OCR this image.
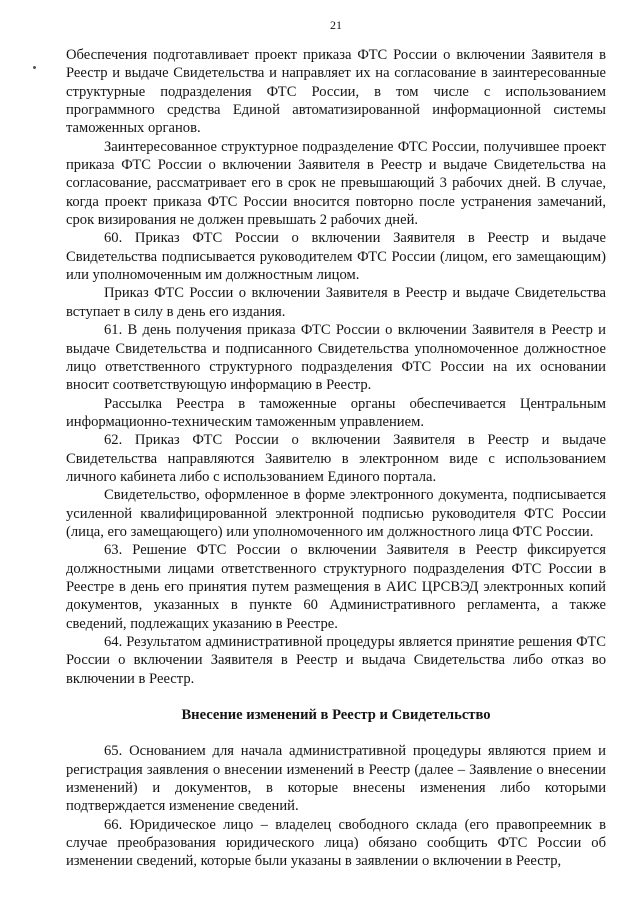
21

Обеспечения подготавливает проект приказа ФТС России о включении Заявителя в Реестр и выдаче Свидетельства и направляет их на согласование в заинтересованные структурные подразделения ФТС России, в том числе с использованием программного средства Единой автоматизированной информационной системы таможенных органов.

Заинтересованное структурное подразделение ФТС России, получившее проект приказа ФТС России о включении Заявителя в Реестр и выдаче Свидетельства на согласование, рассматривает его в срок не превышающий 3 рабочих дней. В случае, когда проект приказа ФТС России вносится повторно после устранения замечаний, срок визирования не должен превышать 2 рабочих дней.

60. Приказ ФТС России о включении Заявителя в Реестр и выдаче Свидетельства подписывается руководителем ФТС России (лицом, его замещающим) или уполномоченным им должностным лицом.

Приказ ФТС России о включении Заявителя в Реестр и выдаче Свидетельства вступает в силу в день его издания.

61. В день получения приказа ФТС России о включении Заявителя в Реестр и выдаче Свидетельства и подписанного Свидетельства уполномоченное должностное лицо ответственного структурного подразделения ФТС России на их основании вносит соответствующую информацию в Реестр.

Рассылка Реестра в таможенные органы обеспечивается Центральным информационно-техническим таможенным управлением.

62. Приказ ФТС России о включении Заявителя в Реестр и выдаче Свидетельства направляются Заявителю в электронном виде с использованием личного кабинета либо с использованием Единого портала.

Свидетельство, оформленное в форме электронного документа, подписывается усиленной квалифицированной электронной подписью руководителя ФТС России (лица, его замещающего) или уполномоченного им должностного лица ФТС России.

63. Решение ФТС России о включении Заявителя в Реестр фиксируется должностными лицами ответственного структурного подразделения ФТС России в Реестре в день его принятия путем размещения в АИС ЦРСВЭД электронных копий документов, указанных в пункте 60 Административного регламента, а также сведений, подлежащих указанию в Реестре.

64. Результатом административной процедуры является принятие решения ФТС России о включении Заявителя в Реестр и выдача Свидетельства либо отказ во включении в Реестр.

Внесение изменений в Реестр и Свидетельство

65. Основанием для начала административной процедуры являются прием и регистрация заявления о внесении изменений в Реестр (далее – Заявление о внесении изменений) и документов, в которые внесены изменения либо которыми подтверждается изменение сведений.

66. Юридическое лицо – владелец свободного склада (его правопреемник в случае преобразования юридического лица) обязано сообщить ФТС России об изменении сведений, которые были указаны в заявлении о включении в Реестр,
